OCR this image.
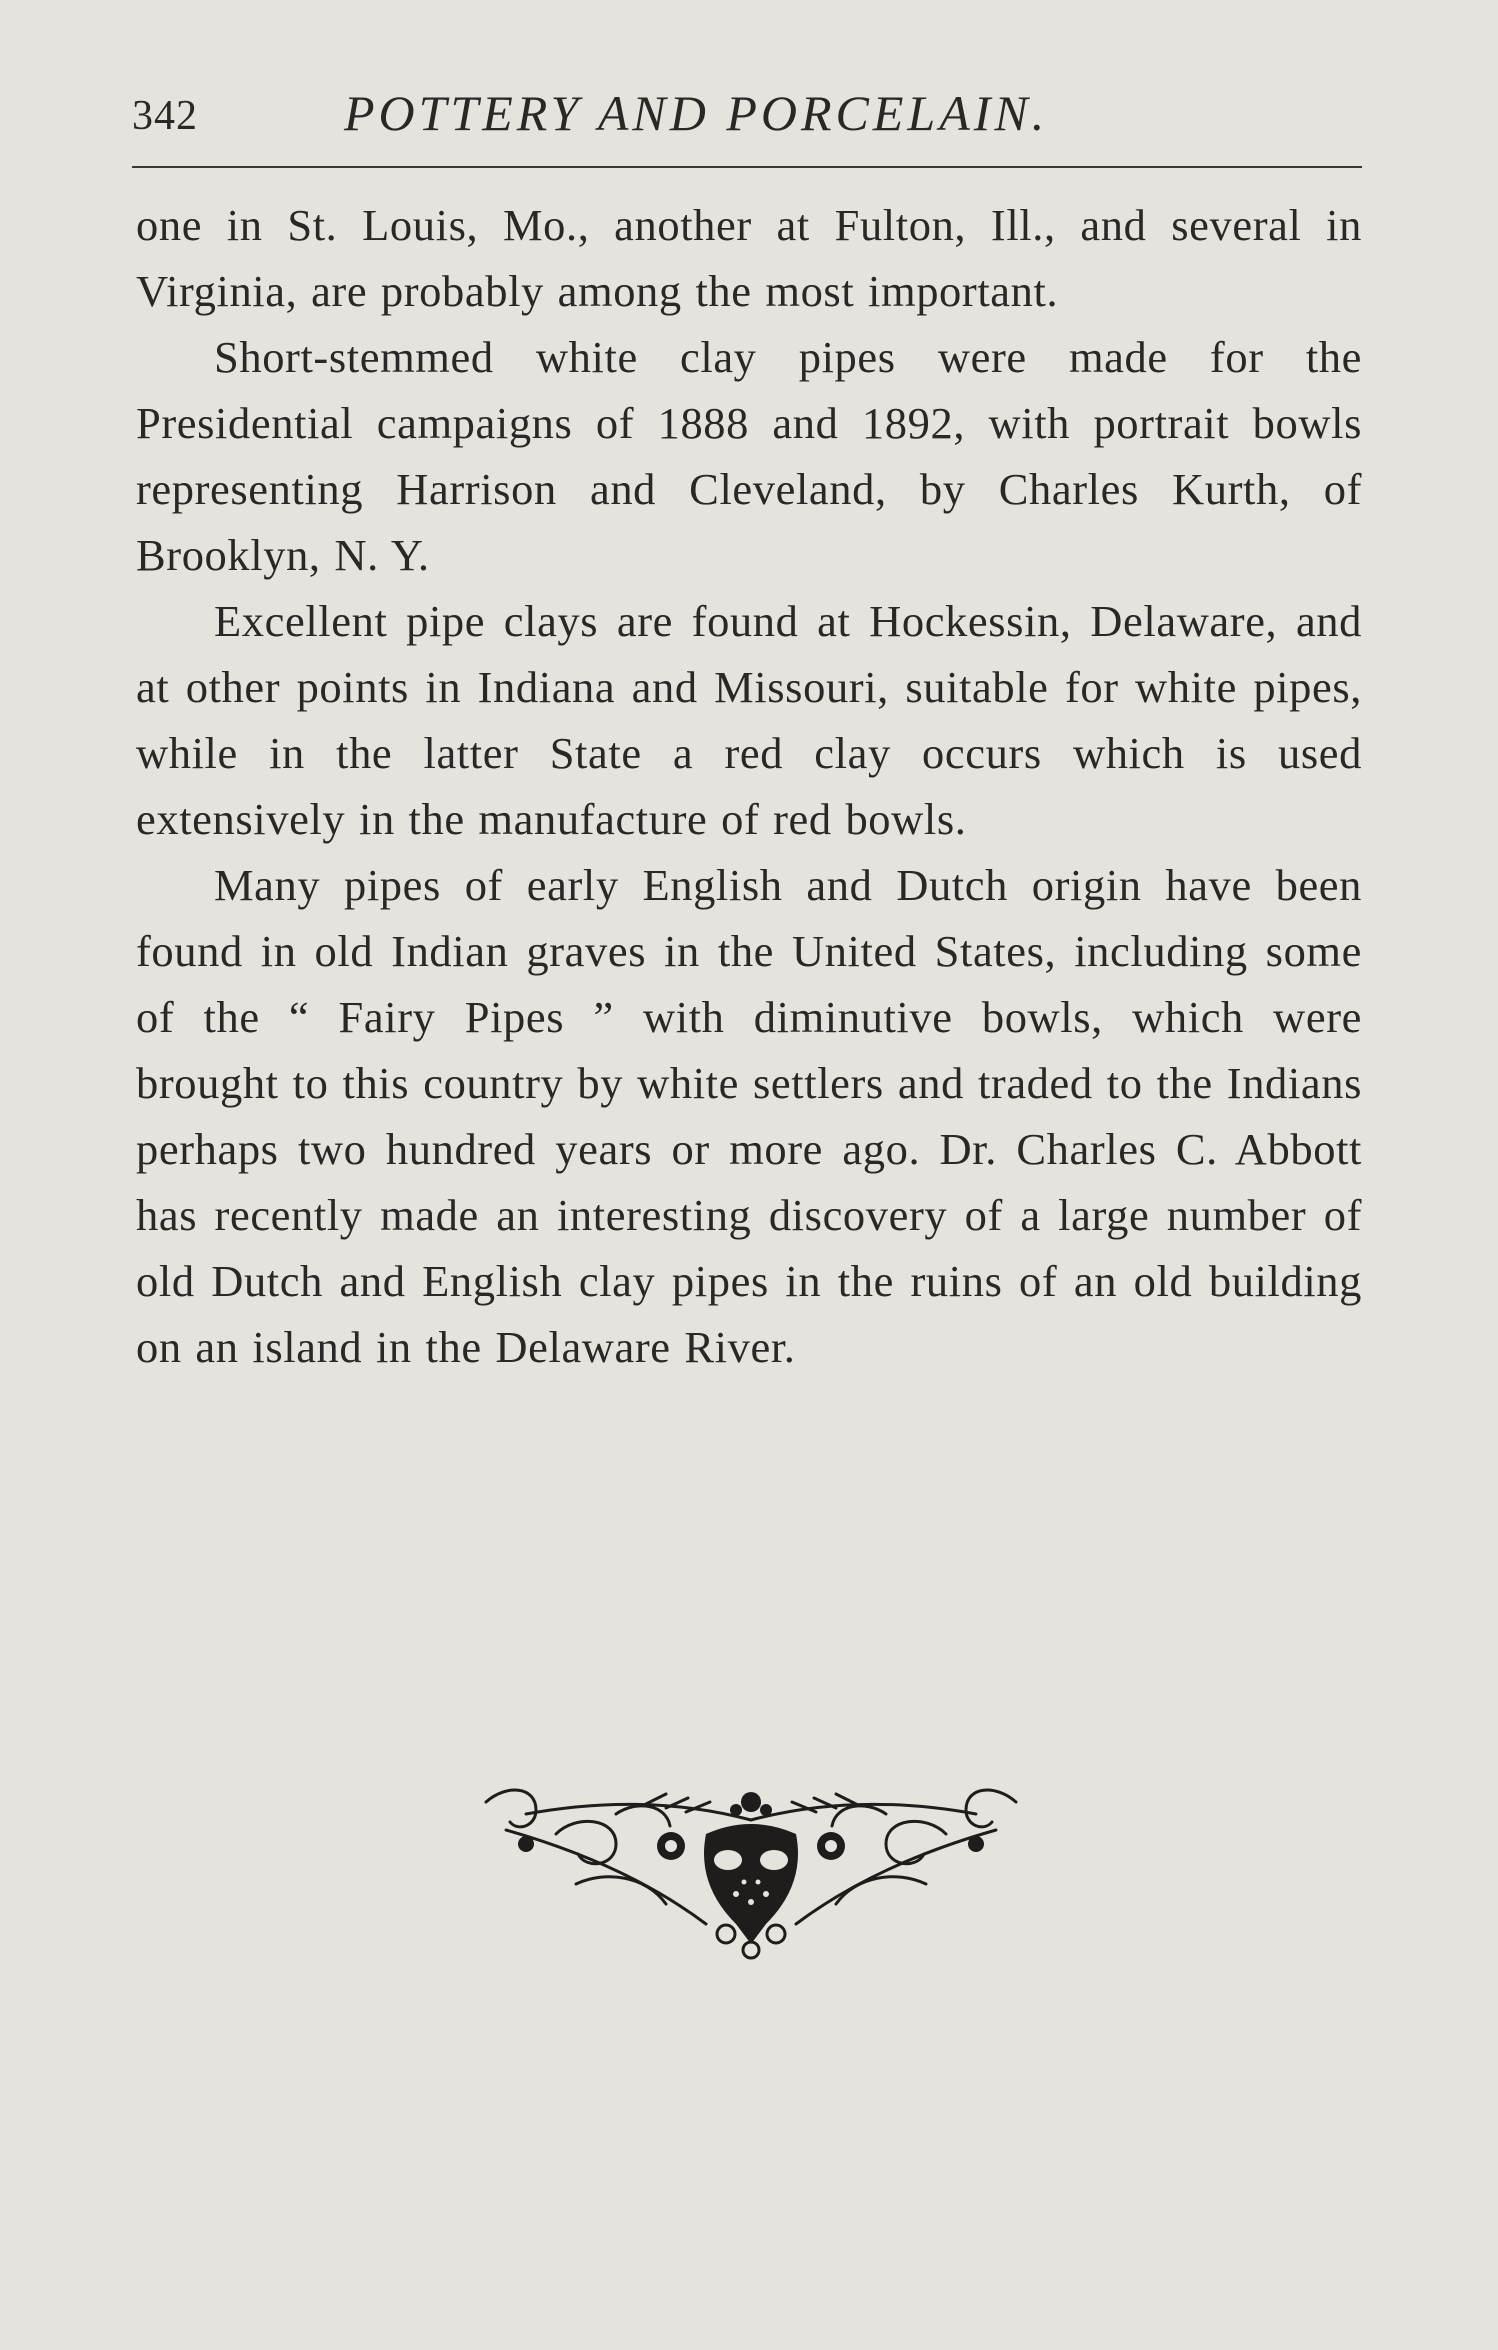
342	POTTERY AND PORCELAIN.

one in St. Louis, Mo., another at Fulton, Ill., and several in Virginia, are probably among the most important.

Short-stemmed white clay pipes were made for the Presidential campaigns of 1888 and 1892, with portrait bowls representing Harrison and Cleveland, by Charles Kurth, of Brooklyn, N. Y.

Excellent pipe clays are found at Hockessin, Delaware, and at other points in Indiana and Missouri, suitable for white pipes, while in the latter State a red clay occurs which is used extensively in the manufacture of red bowls.

Many pipes of early English and Dutch origin have been found in old Indian graves in the United States, including some of the “ Fairy Pipes ” with diminutive bowls, which were brought to this country by white settlers and traded to the Indians perhaps two hundred years or more ago. Dr. Charles C. Abbott has recently made an interesting discovery of a large number of old Dutch and English clay pipes in the ruins of an old building on an island in the Delaware River.
